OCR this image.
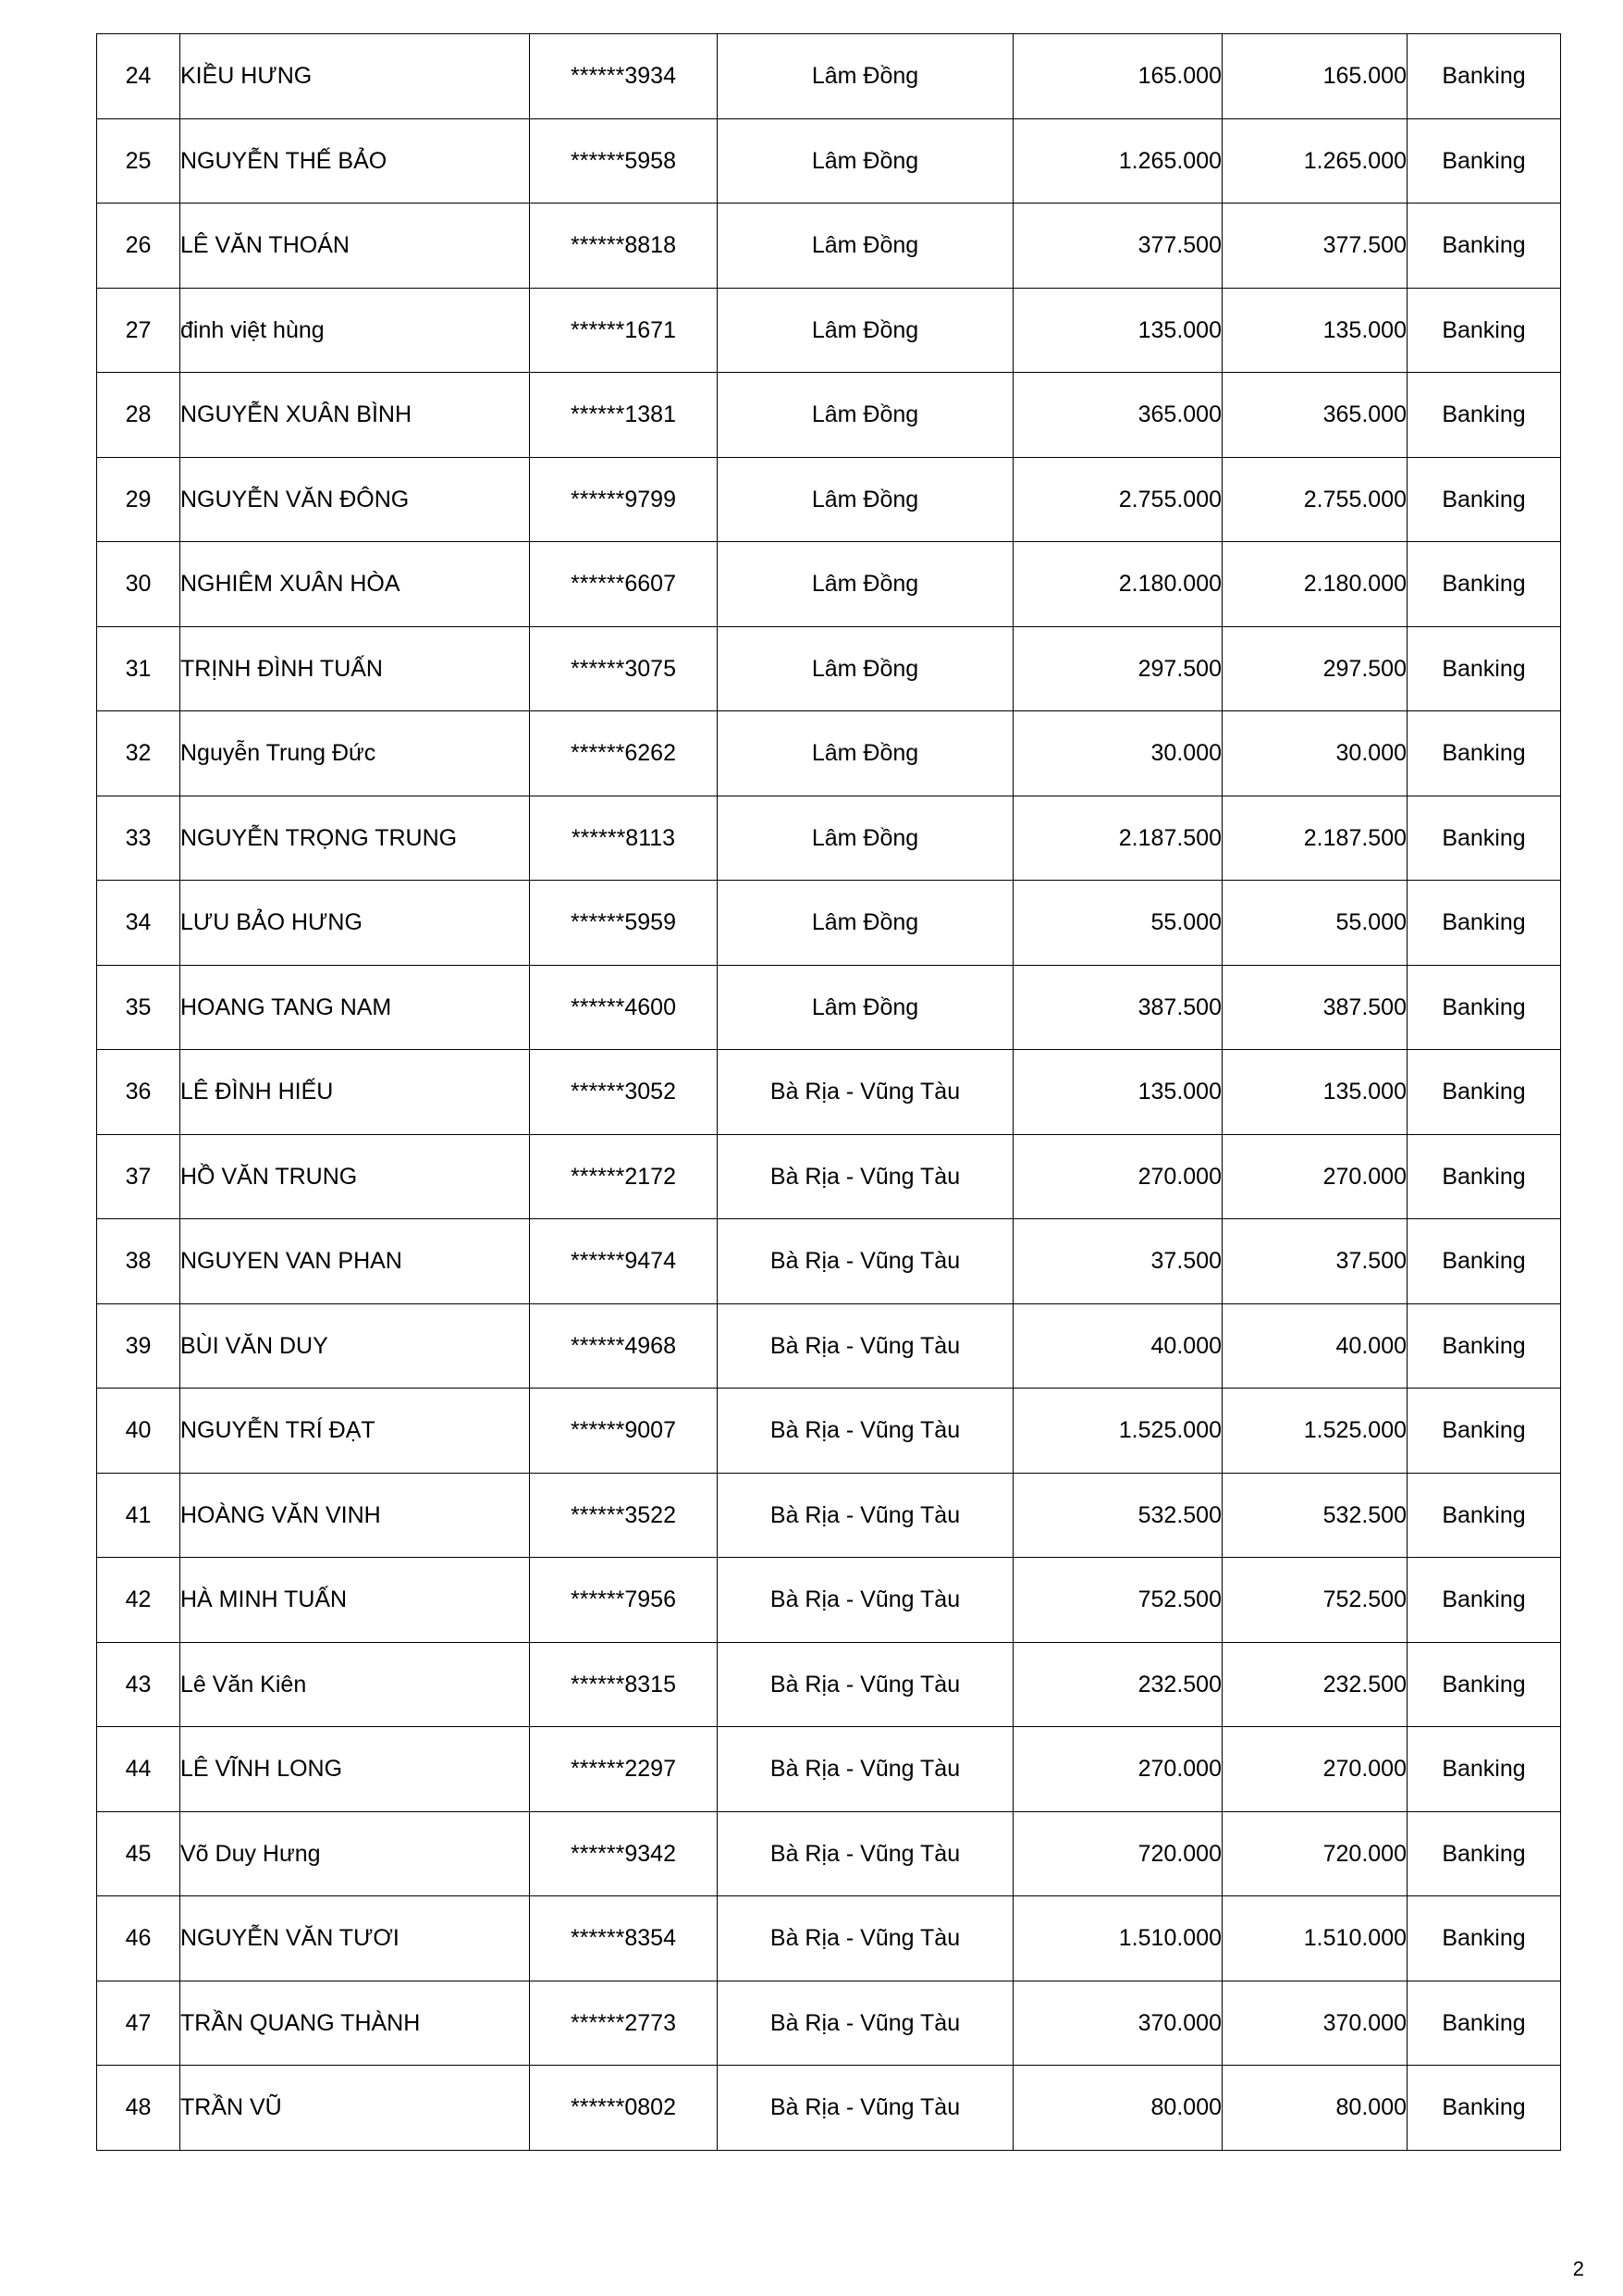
24	KIỀU HƯNG	******3934	Lâm Đồng	165.000	165.000	Banking
25	NGUYỄN THẾ BẢO	******5958	Lâm Đồng	1.265.000	1.265.000	Banking
26	LÊ VĂN THOÁN	******8818	Lâm Đồng	377.500	377.500	Banking
27	đinh việt hùng	******1671	Lâm Đồng	135.000	135.000	Banking
28	NGUYỄN XUÂN BÌNH	******1381	Lâm Đồng	365.000	365.000	Banking
29	NGUYỄN VĂN ĐÔNG	******9799	Lâm Đồng	2.755.000	2.755.000	Banking
30	NGHIÊM XUÂN HÒA	******6607	Lâm Đồng	2.180.000	2.180.000	Banking
31	TRỊNH ĐÌNH TUẤN	******3075	Lâm Đồng	297.500	297.500	Banking
32	Nguyễn Trung Đức	******6262	Lâm Đồng	30.000	30.000	Banking
33	NGUYỄN TRỌNG TRUNG	******8113	Lâm Đồng	2.187.500	2.187.500	Banking
34	LƯU BẢO HƯNG	******5959	Lâm Đồng	55.000	55.000	Banking
35	HOANG TANG NAM	******4600	Lâm Đồng	387.500	387.500	Banking
36	LÊ ĐÌNH HIẾU	******3052	Bà Rịa - Vũng Tàu	135.000	135.000	Banking
37	HỒ VĂN TRUNG	******2172	Bà Rịa - Vũng Tàu	270.000	270.000	Banking
38	NGUYEN VAN PHAN	******9474	Bà Rịa - Vũng Tàu	37.500	37.500	Banking
39	BÙI VĂN DUY	******4968	Bà Rịa - Vũng Tàu	40.000	40.000	Banking
40	NGUYỄN TRÍ ĐẠT	******9007	Bà Rịa - Vũng Tàu	1.525.000	1.525.000	Banking
41	HOÀNG VĂN VINH	******3522	Bà Rịa - Vũng Tàu	532.500	532.500	Banking
42	HÀ MINH TUẤN	******7956	Bà Rịa - Vũng Tàu	752.500	752.500	Banking
43	Lê Văn Kiên	******8315	Bà Rịa - Vũng Tàu	232.500	232.500	Banking
44	LÊ VĨNH LONG	******2297	Bà Rịa - Vũng Tàu	270.000	270.000	Banking
45	Võ Duy Hưng	******9342	Bà Rịa - Vũng Tàu	720.000	720.000	Banking
46	NGUYỄN VĂN TƯƠI	******8354	Bà Rịa - Vũng Tàu	1.510.000	1.510.000	Banking
47	TRẦN QUANG THÀNH	******2773	Bà Rịa - Vũng Tàu	370.000	370.000	Banking
48	TRẦN VŨ	******0802	Bà Rịa - Vũng Tàu	80.000	80.000	Banking
2
